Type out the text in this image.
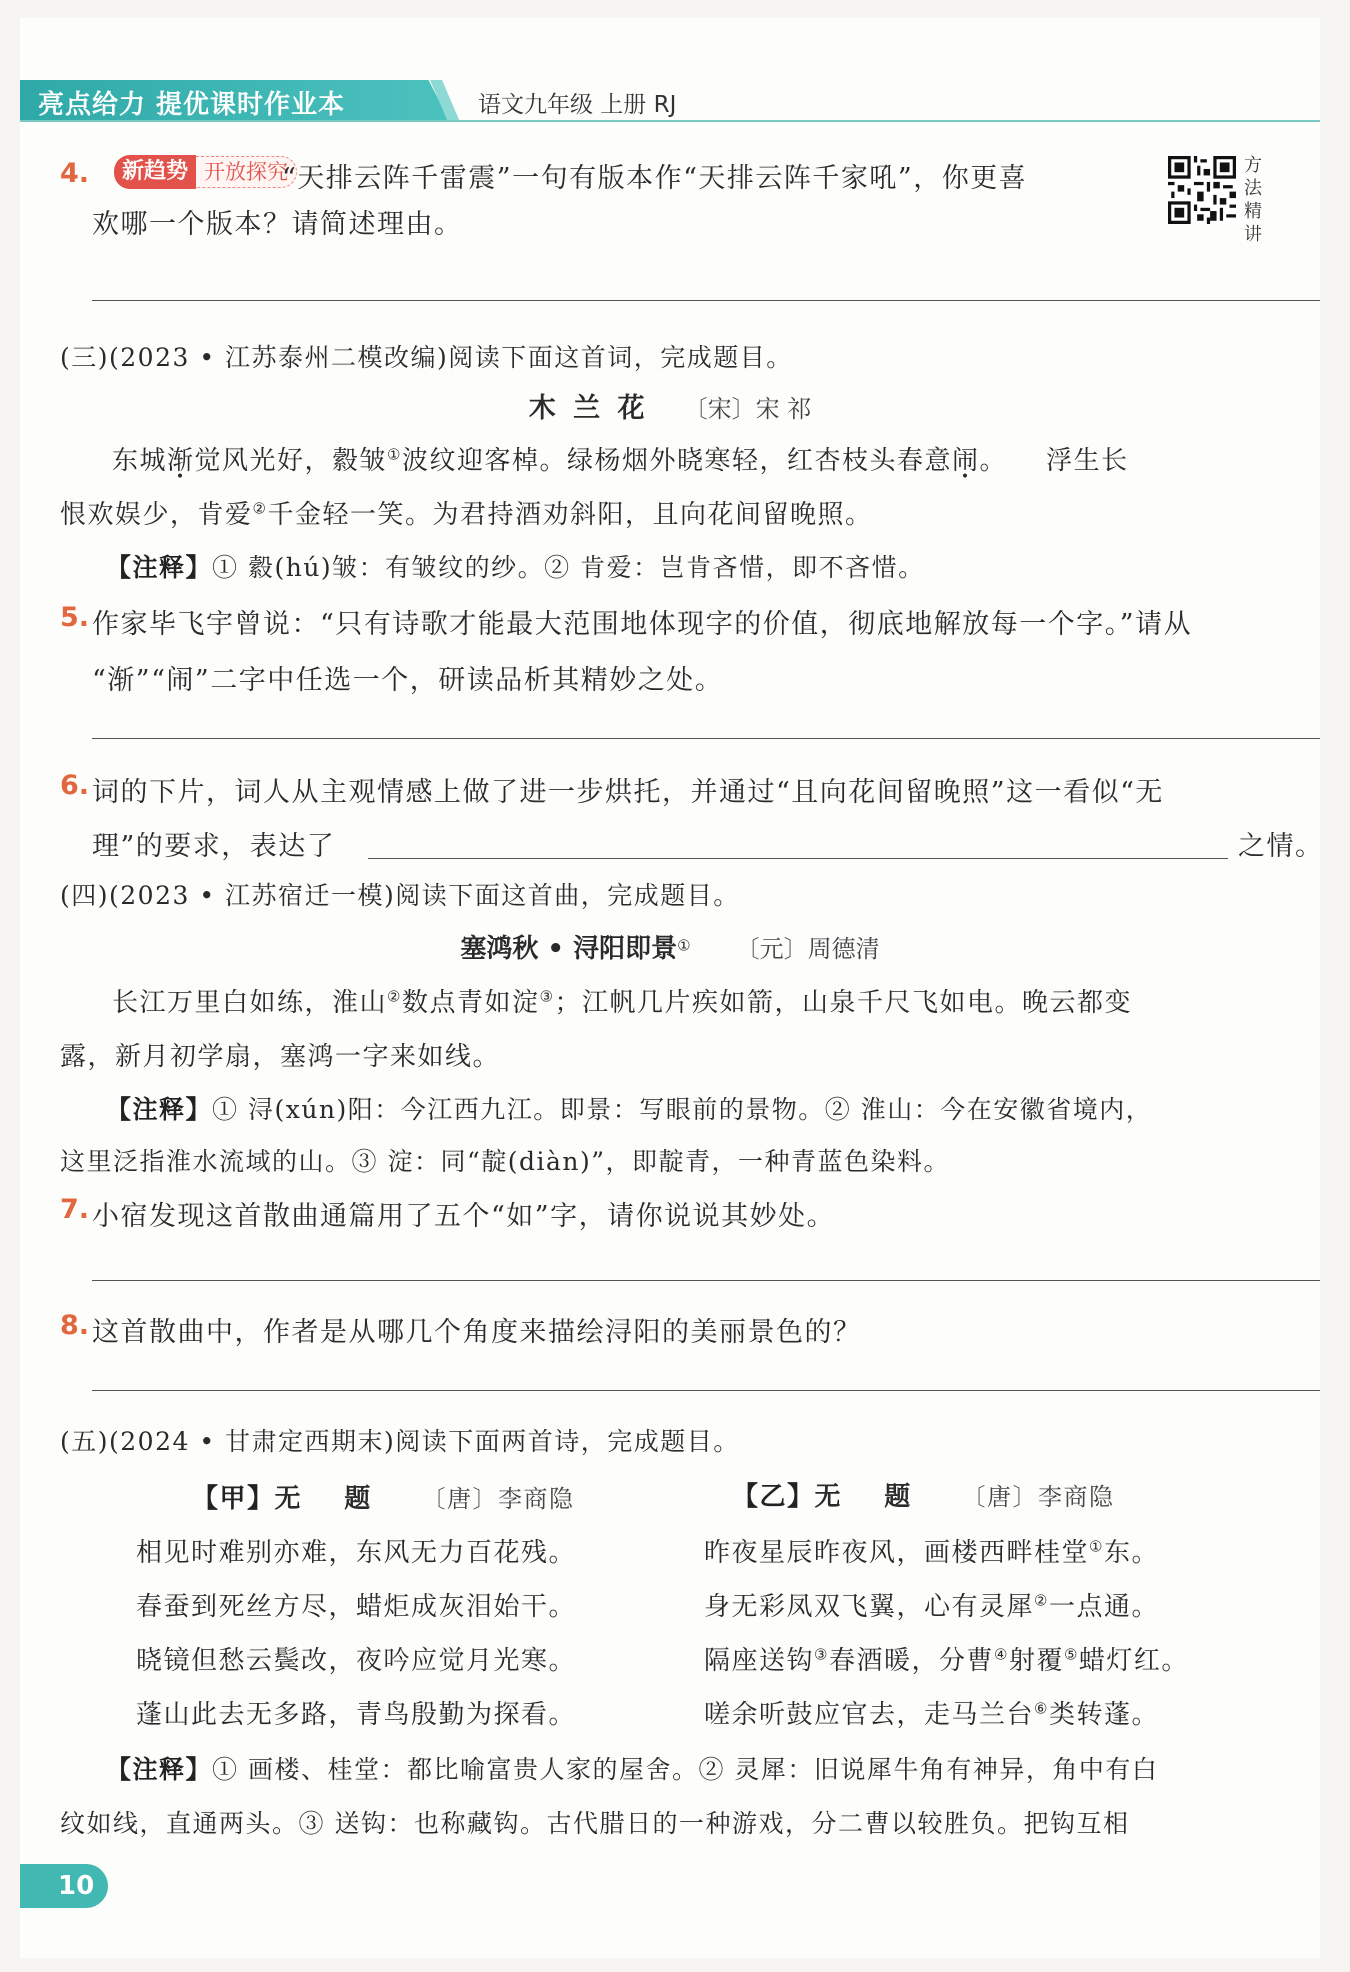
亮点给力 提优课时作业本	语文九年级 上册 RJ
4.	新趋势 开放探究
“天排云阵千雷震”一句有版本作“天排云阵千家吼”，你更喜
欢哪一个版本？请简述理由。
方法精讲
(三)(2023 • 江苏泰州二模改编)阅读下面这首词，完成题目。
木 兰 花 〔宋〕宋 祁
东城渐觉风光好，縠皱①波纹迎客棹。绿杨烟外晓寒轻，红杏枝头春意闹。    浮生长
恨欢娱少，肯爱②千金轻一笑。为君持酒劝斜阳，且向花间留晚照。
【注释】① 縠(hú)皱：有皱纹的纱。② 肯爱：岂肯吝惜，即不吝惜。
5. 作家毕飞宇曾说：“只有诗歌才能最大范围地体现字的价值，彻底地解放每一个字。”请从
“渐”“闹”二字中任选一个，研读品析其精妙之处。
6. 词的下片，词人从主观情感上做了进一步烘托，并通过“且向花间留晚照”这一看似“无
理”的要求，表达了	之情。
(四)(2023 • 江苏宿迁一模)阅读下面这首曲，完成题目。
塞鸿秋 • 浔阳即景① 〔元〕周德清
长江万里白如练，淮山②数点青如淀③；江帆几片疾如箭，山泉千尺飞如电。晚云都变
露，新月初学扇，塞鸿一字来如线。
【注释】① 浔(xún)阳：今江西九江。即景：写眼前的景物。② 淮山：今在安徽省境内，
这里泛指淮水流域的山。③ 淀：同“靛(diàn)”，即靛青，一种青蓝色染料。
7. 小宿发现这首散曲通篇用了五个“如”字，请你说说其妙处。
8. 这首散曲中，作者是从哪几个角度来描绘浔阳的美丽景色的？
(五)(2024 • 甘肃定西期末)阅读下面两首诗，完成题目。
【甲】无    题 〔唐〕李商隐
相见时难别亦难，东风无力百花残。
春蚕到死丝方尽，蜡炬成灰泪始干。
晓镜但愁云鬓改，夜吟应觉月光寒。
蓬山此去无多路，青鸟殷勤为探看。
【乙】无    题 〔唐〕李商隐
昨夜星辰昨夜风，画楼西畔桂堂①东。
身无彩凤双飞翼，心有灵犀②一点通。
隔座送钩③春酒暖，分曹④射覆⑤蜡灯红。
嗟余听鼓应官去，走马兰台⑥类转蓬。
【注释】① 画楼、桂堂：都比喻富贵人家的屋舍。② 灵犀：旧说犀牛角有神异，角中有白
纹如线，直通两头。③ 送钩：也称藏钩。古代腊日的一种游戏，分二曹以较胜负。把钩互相
10
